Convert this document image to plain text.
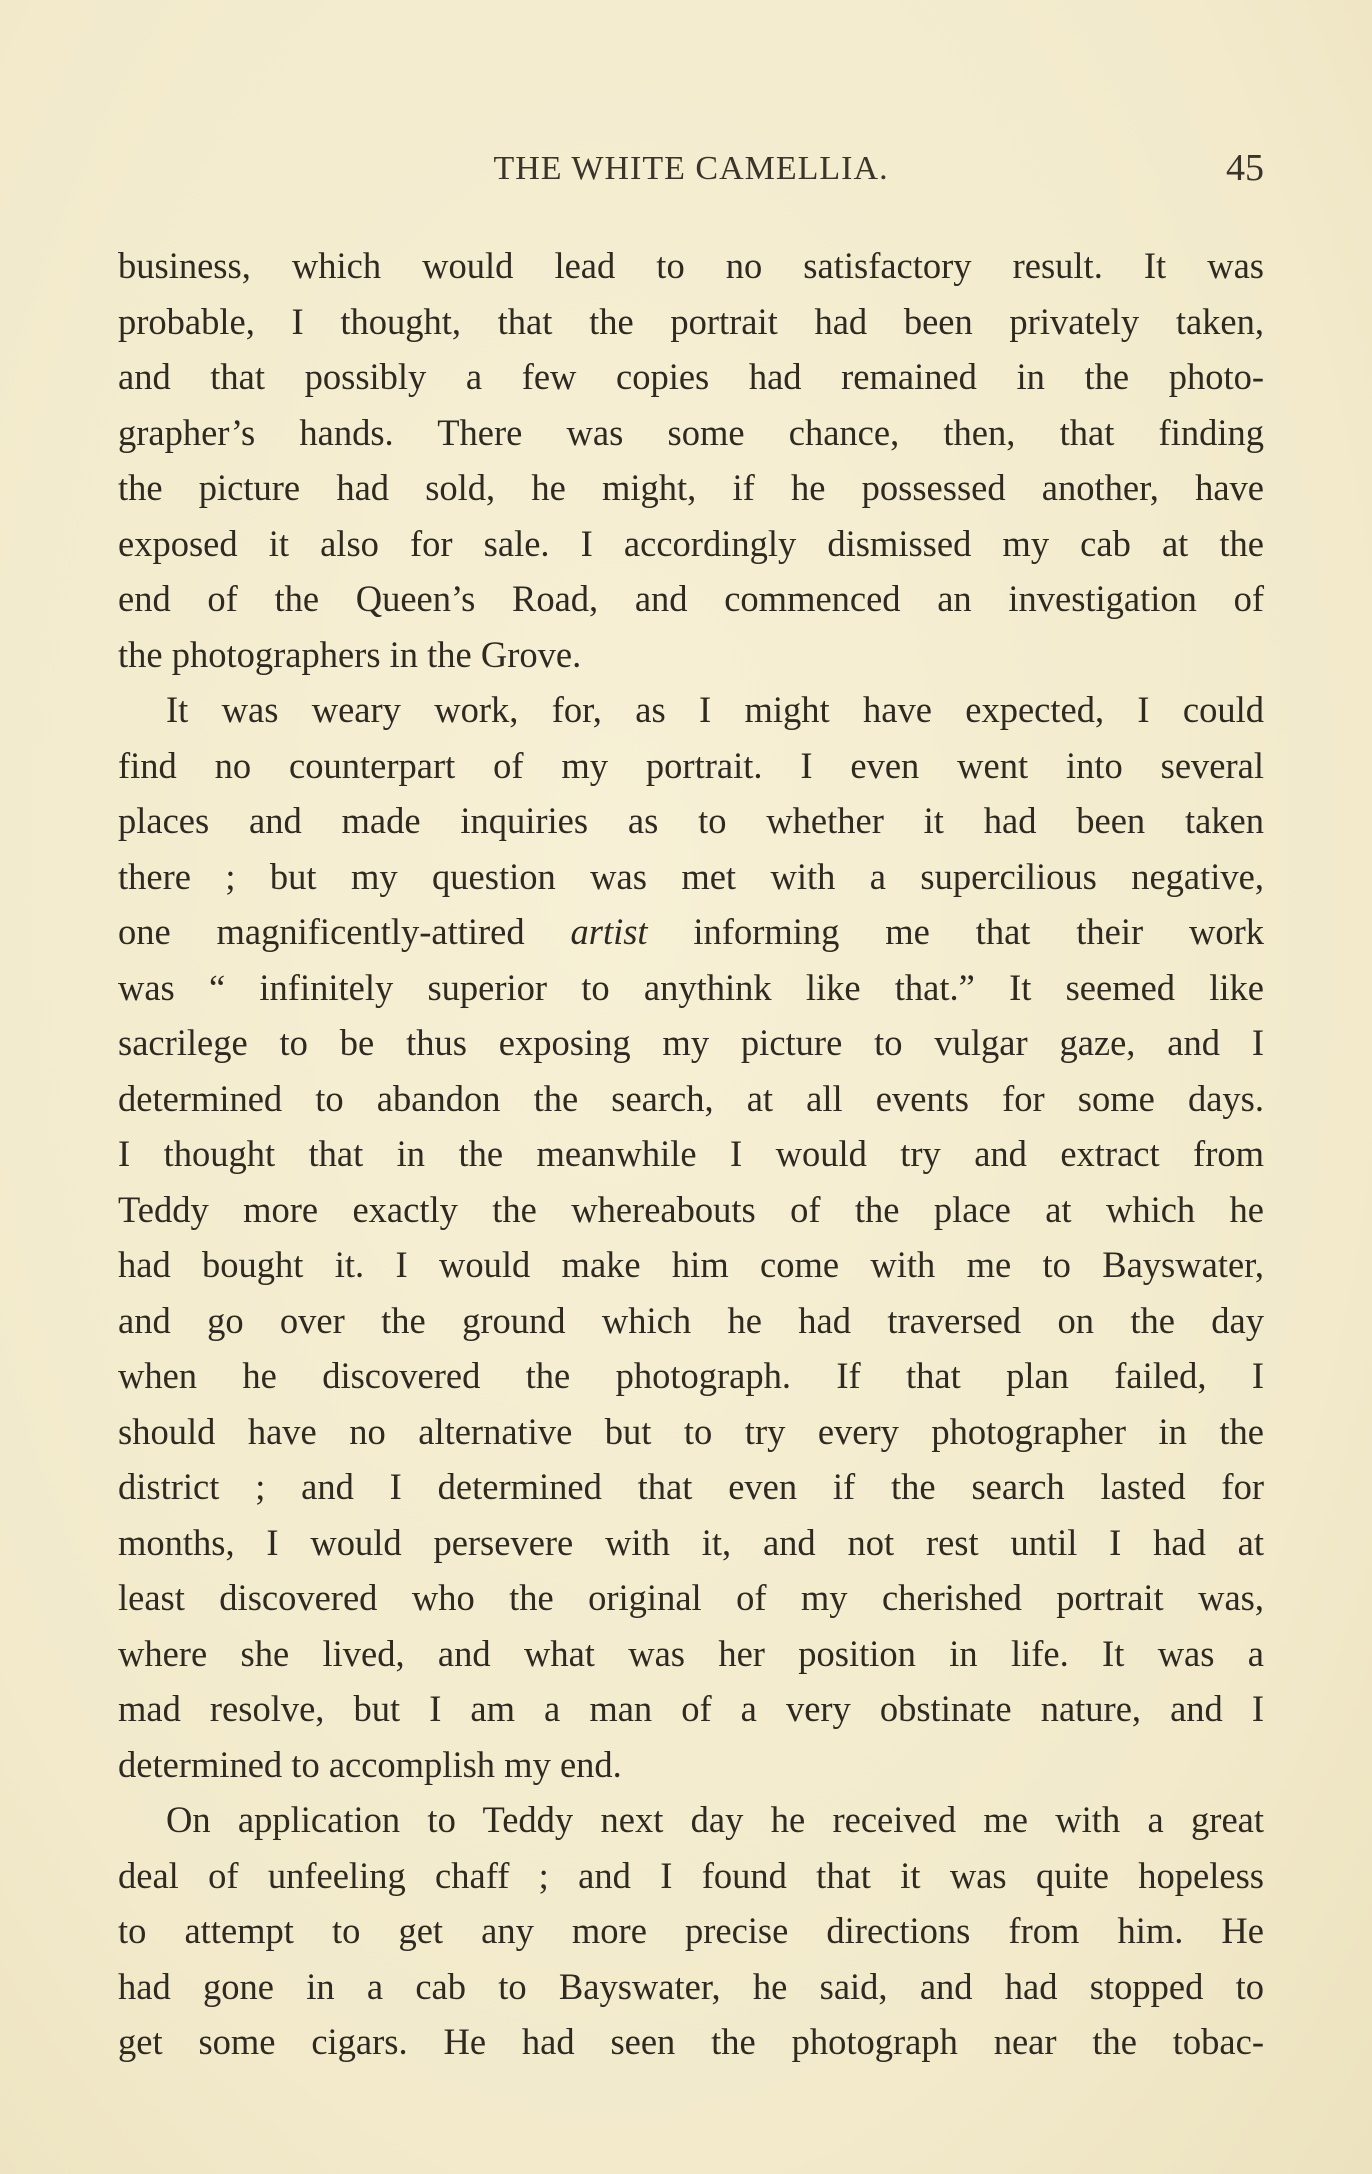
THE WHITE CAMELLIA.	45
business, which would lead to no satisfactory result. It was
probable, I thought, that the portrait had been privately taken,
and that possibly a few copies had remained in the photo-
grapher’s hands. There was some chance, then, that finding
the picture had sold, he might, if he possessed another, have
exposed it also for sale. I accordingly dismissed my cab at the
end of the Queen’s Road, and commenced an investigation of
the photographers in the Grove.
It was weary work, for, as I might have expected, I could
find no counterpart of my portrait. I even went into several
places and made inquiries as to whether it had been taken
there ; but my question was met with a supercilious negative,
one magnificently-attired artist informing me that their work
was “ infinitely superior to anythink like that.” It seemed like
sacrilege to be thus exposing my picture to vulgar gaze, and I
determined to abandon the search, at all events for some days.
I thought that in the meanwhile I would try and extract from
Teddy more exactly the whereabouts of the place at which he
had bought it. I would make him come with me to Bayswater,
and go over the ground which he had traversed on the day
when he discovered the photograph. If that plan failed, I
should have no alternative but to try every photographer in the
district ; and I determined that even if the search lasted for
months, I would persevere with it, and not rest until I had at
least discovered who the original of my cherished portrait was,
where she lived, and what was her position in life. It was a
mad resolve, but I am a man of a very obstinate nature, and I
determined to accomplish my end.
On application to Teddy next day he received me with a great
deal of unfeeling chaff ; and I found that it was quite hopeless
to attempt to get any more precise directions from him. He
had gone in a cab to Bayswater, he said, and had stopped to
get some cigars. He had seen the photograph near the tobac-
